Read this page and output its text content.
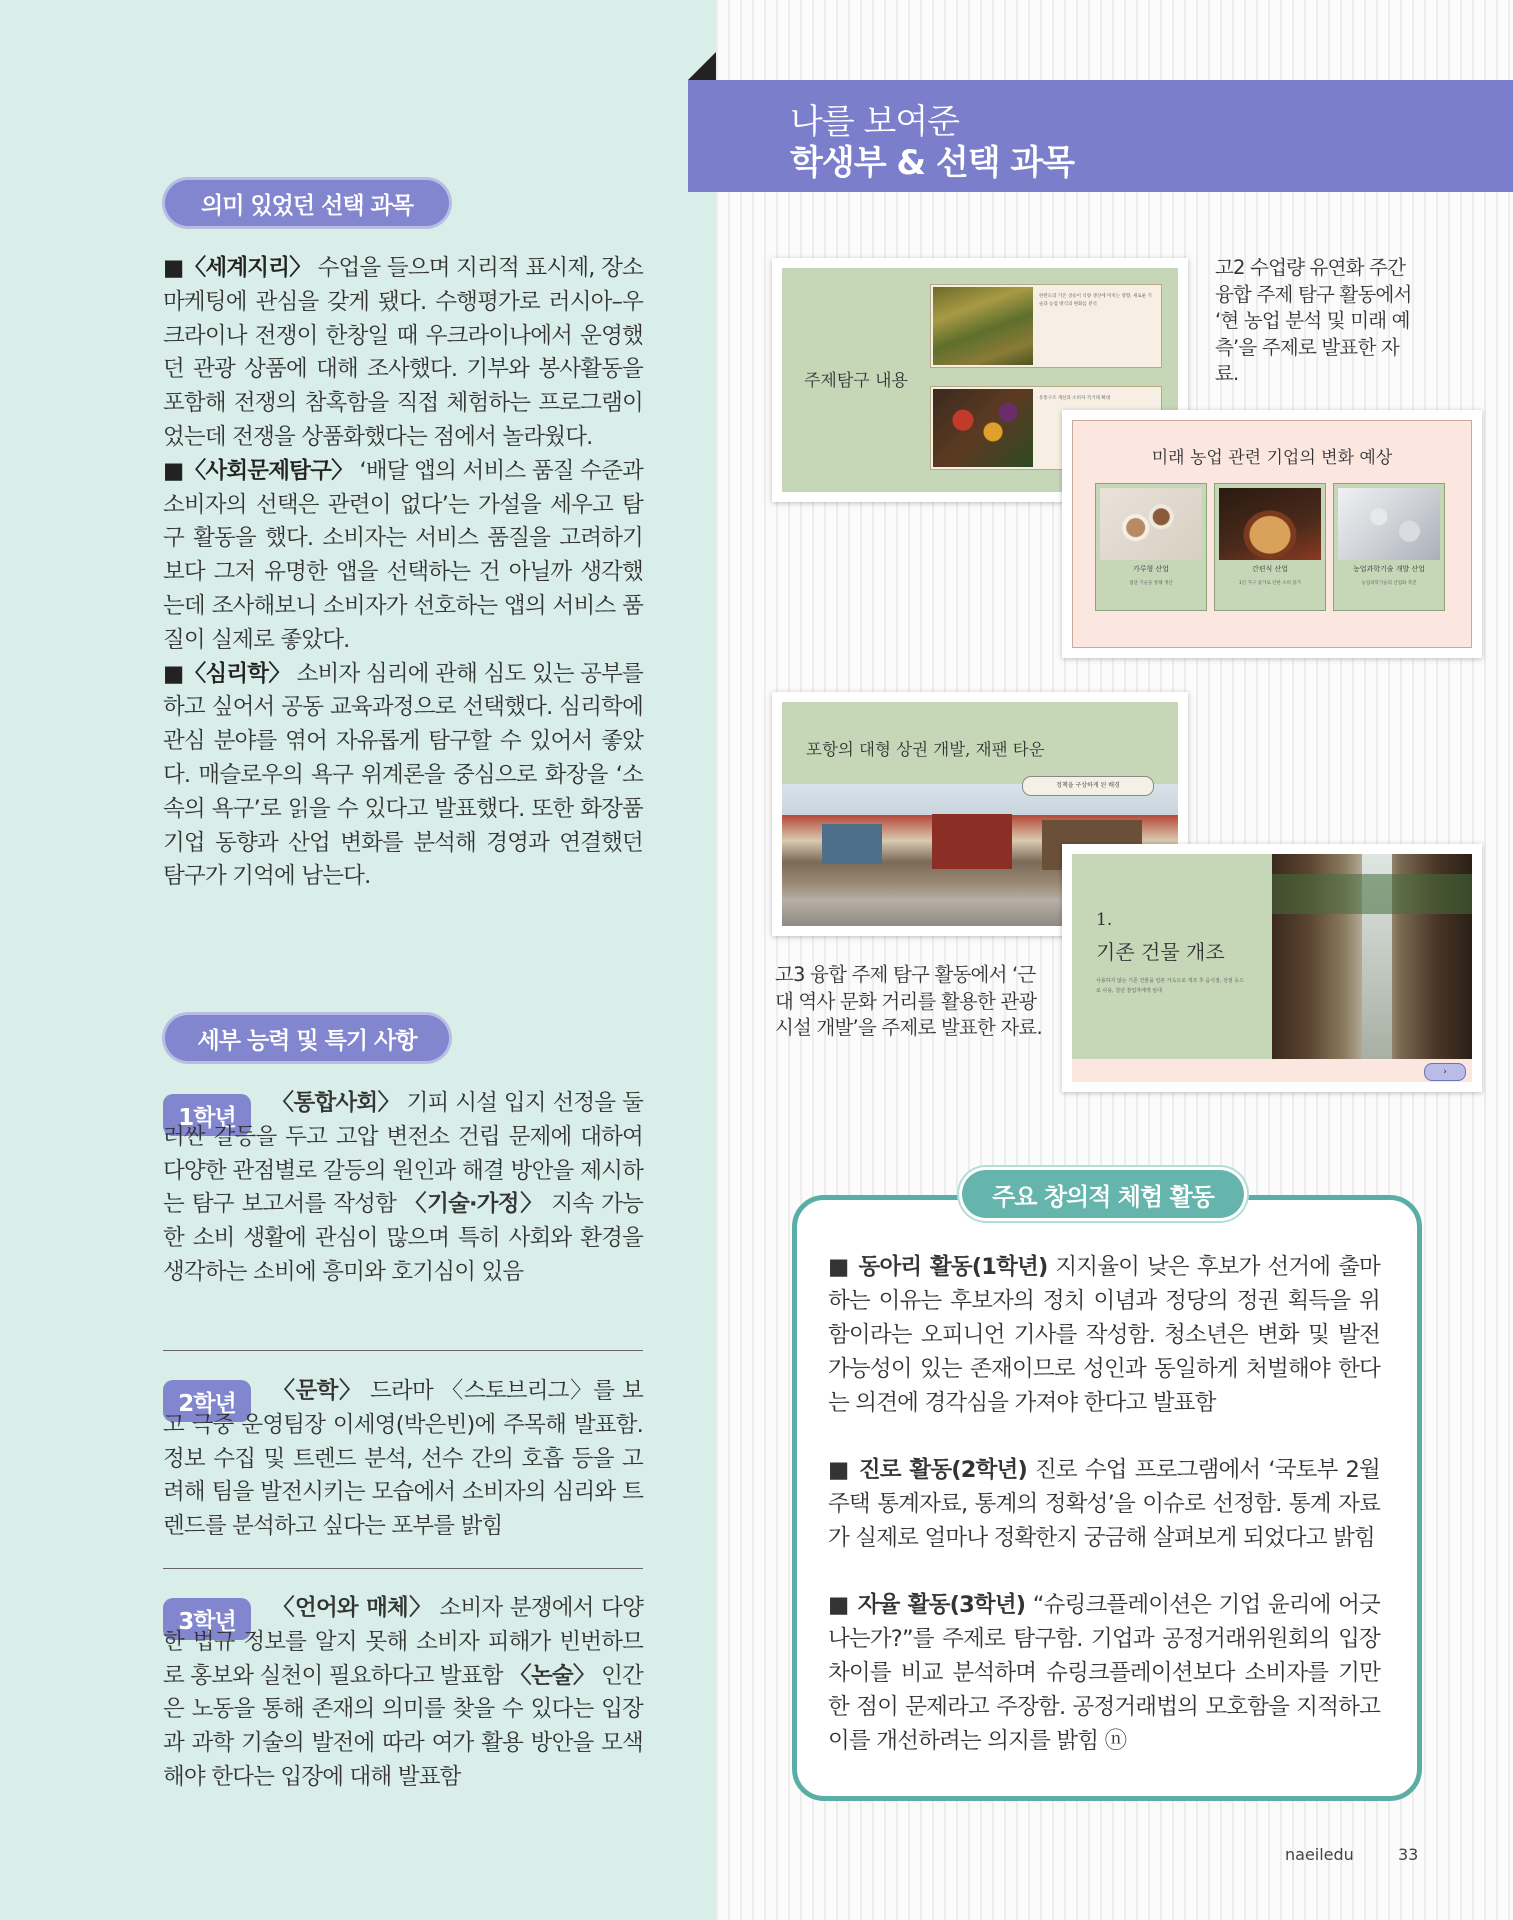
나를 보여준
학생부 & 선택 과목
의미 있었던 선택 과목

■〈세계지리〉 수업을 들으며 지리적 표시제, 장소 마케팅에 관심을 갖게 됐다. 수행평가로 러시아–우크라이나 전쟁이 한창일 때 우크라이나에서 운영했던 관광 상품에 대해 조사했다. 기부와 봉사활동을 포함해 전쟁의 참혹함을 직접 체험하는 프로그램이었는데 전쟁을 상품화했다는 점에서 놀라웠다.

■〈사회문제탐구〉 ‘배달 앱의 서비스 품질 수준과 소비자의 선택은 관련이 없다’는 가설을 세우고 탐구 활동을 했다. 소비자는 서비스 품질을 고려하기보다 그저 유명한 앱을 선택하는 건 아닐까 생각했는데 조사해보니 소비자가 선호하는 앱의 서비스 품질이 실제로 좋았다.

■〈심리학〉 소비자 심리에 관해 심도 있는 공부를 하고 싶어서 공동 교육과정으로 선택했다. 심리학에 관심 분야를 엮어 자유롭게 탐구할 수 있어서 좋았다. 매슬로우의 욕구 위계론을 중심으로 화장을 ‘소속의 욕구’로 읽을 수 있다고 발표했다. 또한 화장품 기업 동향과 산업 변화를 분석해 경영과 연결했던 탐구가 기억에 남는다.

세부 능력 및 특기 사항
1학년

〈통합사회〉 기피 시설 입지 선정을 둘러싼 갈등을 두고 고압 변전소 건립 문제에 대하여 다양한 관점별로 갈등의 원인과 해결 방안을 제시하는 탐구 보고서를 작성함 〈기술·가정〉 지속 가능한 소비 생활에 관심이 많으며 특히 사회와 환경을 생각하는 소비에 흥미와 호기심이 있음

2학년	〈문학〉 드라마 〈스토브리그〉를 보고 극중 운영팀장 이세영(박은빈)에 주목해 발표함. 정보 수집 및 트렌드 분석, 선수 간의 호흡 등을 고려해 팀을 발전시키는 모습에서 소비자의 심리와 트렌드를 분석하고 싶다는 포부를 밝힘

3학년

〈언어와 매체〉 소비자 분쟁에서 다양한 법규 정보를 알지 못해 소비자 피해가 빈번하므로 홍보와 실천이 필요하다고 발표함 〈논술〉 인간은 노동을 통해 존재의 의미를 찾을 수 있다는 입장과 과학 기술의 발전에 따라 여가 활용 방안을 모색해야 한다는 입장에 대해 발표함

주제탐구 내용
한반도의 기온 상승이 식량 생산에 미치는 영향, 새로운 기술과 농업 방식의 변화를 분석
유통구조 개선과 소비자 직거래 확대
고2 수업량 유연화 주간 융합 주제 탐구 활동에서 ‘현 농업 분석 및 미래 예측’을 주제로 발표한 자료.
미래 농업 관련 기업의 변화 예상
가루형 산업
첨단 기술을 통해 생산
간편식 산업
1인 가구 증가로 인한 소비 증가
농업과학기술 개발 산업
농업과학기술의 산업화 촉진
포항의 대형 상권 개발, 재팬 타운
정책을 구상하게 된 배경
1.
기존 건물 개조
사용하지 않는 기존 건물을 일본 가옥으로 개조 후 음식점, 상점 등으로 사용, 청년 창업자에게 임대
›
고3 융합 주제 탐구 활동에서 ‘근대 역사 문화 거리를 활용한 관광 시설 개발’을 주제로 발표한 자료.
주요 창의적 체험 활동

■ 동아리 활동(1학년) 지지율이 낮은 후보가 선거에 출마하는 이유는 후보자의 정치 이념과 정당의 정권 획득을 위함이라는 오피니언 기사를 작성함. 청소년은 변화 및 발전 가능성이 있는 존재이므로 성인과 동일하게 처벌해야 한다는 의견에 경각심을 가져야 한다고 발표함

■ 진로 활동(2학년) 진로 수업 프로그램에서 ‘국토부 2월 주택 통계자료, 통계의 정확성’을 이슈로 선정함. 통계 자료가 실제로 얼마나 정확한지 궁금해 살펴보게 되었다고 밝힘

■ 자율 활동(3학년) “슈링크플레이션은 기업 윤리에 어긋나는가?”를 주제로 탐구함. 기업과 공정거래위원회의 입장 차이를 비교 분석하며 슈링크플레이션보다 소비자를 기만한 점이 문제라고 주장함. 공정거래법의 모호함을 지적하고 이를 개선하려는 의지를 밝힘 ⓝ

naeiledu	33
